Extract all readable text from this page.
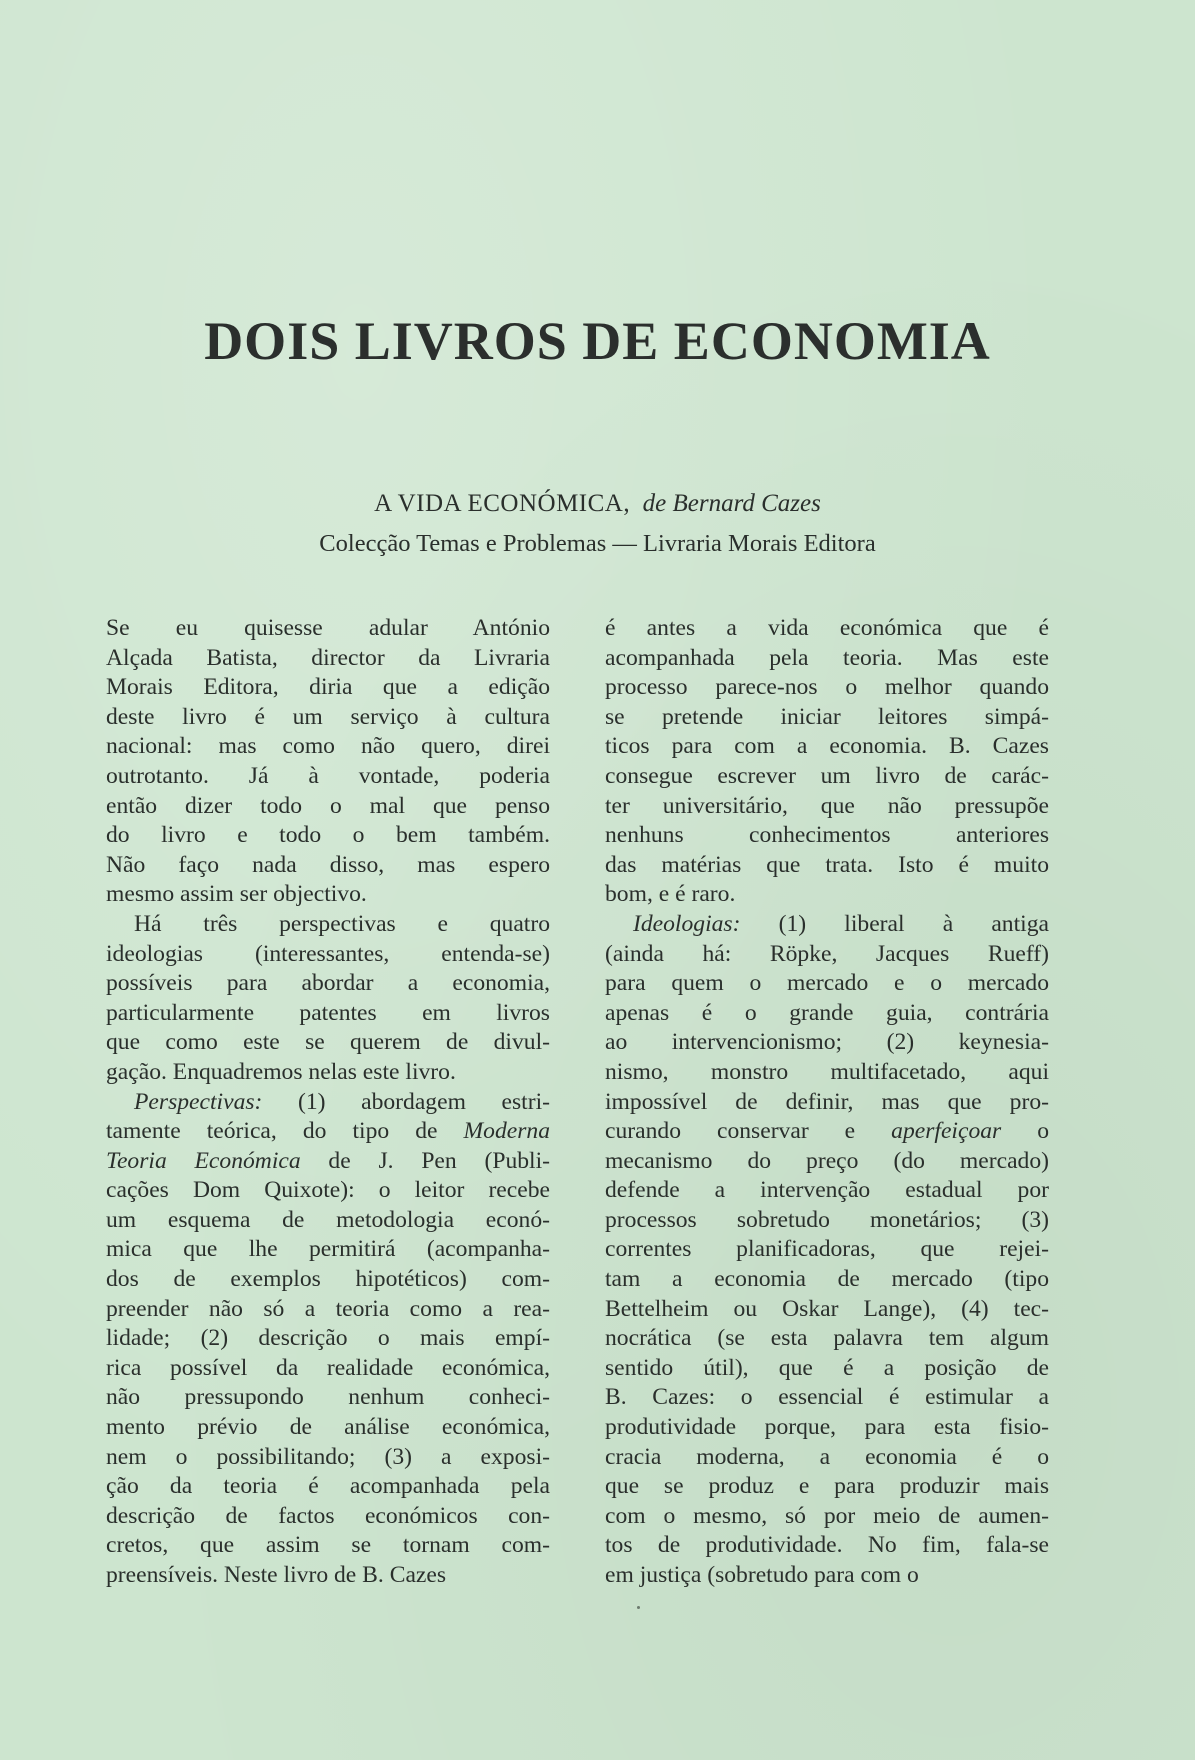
DOIS LIVROS DE ECONOMIA
A VIDA ECONÓMICA, de Bernard Cazes
Colecção Temas e Problemas — Livraria Morais Editora
Se eu quisesse adular António
Alçada Batista, director da Livraria
Morais Editora, diria que a edição
deste livro é um serviço à cultura
nacional: mas como não quero, direi
outrotanto. Já à vontade, poderia
então dizer todo o mal que penso
do livro e todo o bem também.
Não faço nada disso, mas espero
mesmo assim ser objectivo.
Há três perspectivas e quatro
ideologias (interessantes, entenda-se)
possíveis para abordar a economia,
particularmente patentes em livros
que como este se querem de divul-
gação. Enquadremos nelas este livro.
Perspectivas: (1) abordagem estri-
tamente teórica, do tipo de Moderna
Teoria Económica de J. Pen (Publi-
cações Dom Quixote): o leitor recebe
um esquema de metodologia econó-
mica que lhe permitirá (acompanha-
dos de exemplos hipotéticos) com-
preender não só a teoria como a rea-
lidade; (2) descrição o mais empí-
rica possível da realidade económica,
não pressupondo nenhum conheci-
mento prévio de análise económica,
nem o possibilitando; (3) a exposi-
ção da teoria é acompanhada pela
descrição de factos económicos con-
cretos, que assim se tornam com-
preensíveis. Neste livro de B. Cazes
é antes a vida económica que é
acompanhada pela teoria. Mas este
processo parece-nos o melhor quando
se pretende iniciar leitores simpá-
ticos para com a economia. B. Cazes
consegue escrever um livro de carác-
ter universitário, que não pressupõe
nenhuns conhecimentos anteriores
das matérias que trata. Isto é muito
bom, e é raro.
Ideologias: (1) liberal à antiga
(ainda há: Röpke, Jacques Rueff)
para quem o mercado e o mercado
apenas é o grande guia, contrária
ao intervencionismo; (2) keynesia-
nismo, monstro multifacetado, aqui
impossível de definir, mas que pro-
curando conservar e aperfeiçoar o
mecanismo do preço (do mercado)
defende a intervenção estadual por
processos sobretudo monetários; (3)
correntes planificadoras, que rejei-
tam a economia de mercado (tipo
Bettelheim ou Oskar Lange), (4) tec-
nocrática (se esta palavra tem algum
sentido útil), que é a posição de
B. Cazes: o essencial é estimular a
produtividade porque, para esta fisio-
cracia moderna, a economia é o
que se produz e para produzir mais
com o mesmo, só por meio de aumen-
tos de produtividade. No fim, fala-se
em justiça (sobretudo para com o
